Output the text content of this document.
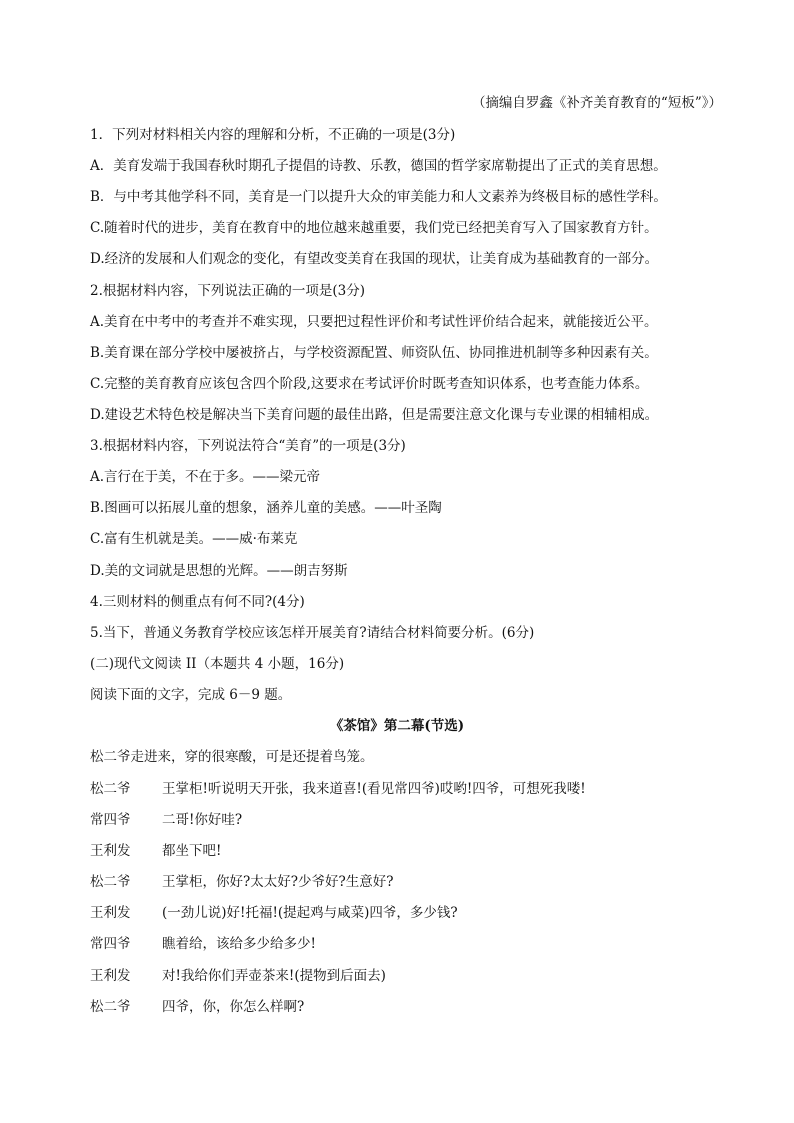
（摘编自罗鑫《补齐美育教育的“短板”》）
1．下列对材料相关内容的理解和分析，不正确的一项是(3分)
A．美育发端于我国春秋时期孔子提倡的诗教、乐教，德国的哲学家席勒提出了正式的美育思想。
B．与中考其他学科不同，美育是一门以提升大众的审美能力和人文素养为终极目标的感性学科。
C.随着时代的进步，美育在教育中的地位越来越重要，我们党已经把美育写入了国家教育方针。
D.经济的发展和人们观念的变化，有望改变美育在我国的现状，让美育成为基础教育的一部分。
2.根据材料内容，下列说法正确的一项是(3分)
A.美育在中考中的考查并不难实现，只要把过程性评价和考试性评价结合起来，就能接近公平。
B.美育课在部分学校中屡被挤占，与学校资源配置、师资队伍、协同推进机制等多种因素有关。
C.完整的美育教育应该包含四个阶段,这要求在考试评价时既考查知识体系，也考查能力体系。
D.建设艺术特色校是解决当下美育问题的最佳出路，但是需要注意文化课与专业课的相辅相成。
3.根据材料内容，下列说法符合“美育”的一项是(3分)
A.言行在于美，不在于多。——梁元帝
B.图画可以拓展儿童的想象，涵养儿童的美感。——叶圣陶
C.富有生机就是美。——威·布莱克
D.美的文词就是思想的光辉。——朗吉努斯
4.三则材料的侧重点有何不同?(4分)
5.当下，普通义务教育学校应该怎样开展美育?请结合材料简要分析。(6分)
(二)现代文阅读 II（本题共 4 小题，16分)
阅读下面的文字，完成 6－9 题。
《茶馆》第二幕(节选)
松二爷走进来，穿的很寒酸，可是还提着鸟笼。
松二爷 王掌柜!听说明天开张，我来道喜!(看见常四爷)哎哟!四爷，可想死我喽!
常四爷 二哥!你好哇?
王利发 都坐下吧!
松二爷 王掌柜，你好?太太好?少爷好?生意好?
王利发 (一劲儿说)好!托福!(提起鸡与咸菜)四爷，多少钱?
常四爷 瞧着给，该给多少给多少!
王利发 对!我给你们弄壶茶来!(提物到后面去)
松二爷 四爷，你，你怎么样啊?
